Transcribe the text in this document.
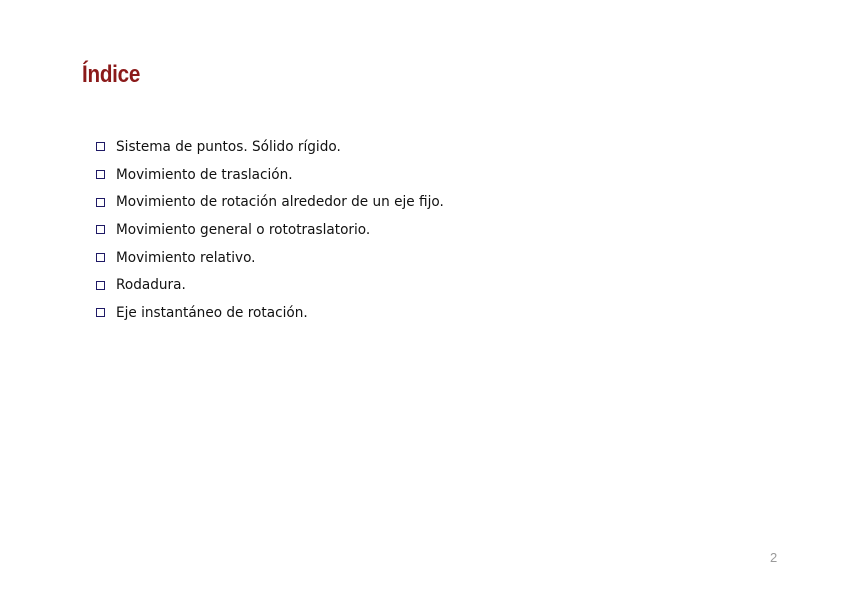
Índice
Sistema de puntos. Sólido rígido.
Movimiento de traslación.
Movimiento de rotación alrededor de un eje fijo.
Movimiento general o rototraslatorio.
Movimiento relativo.
Rodadura.
Eje instantáneo de rotación.
2
